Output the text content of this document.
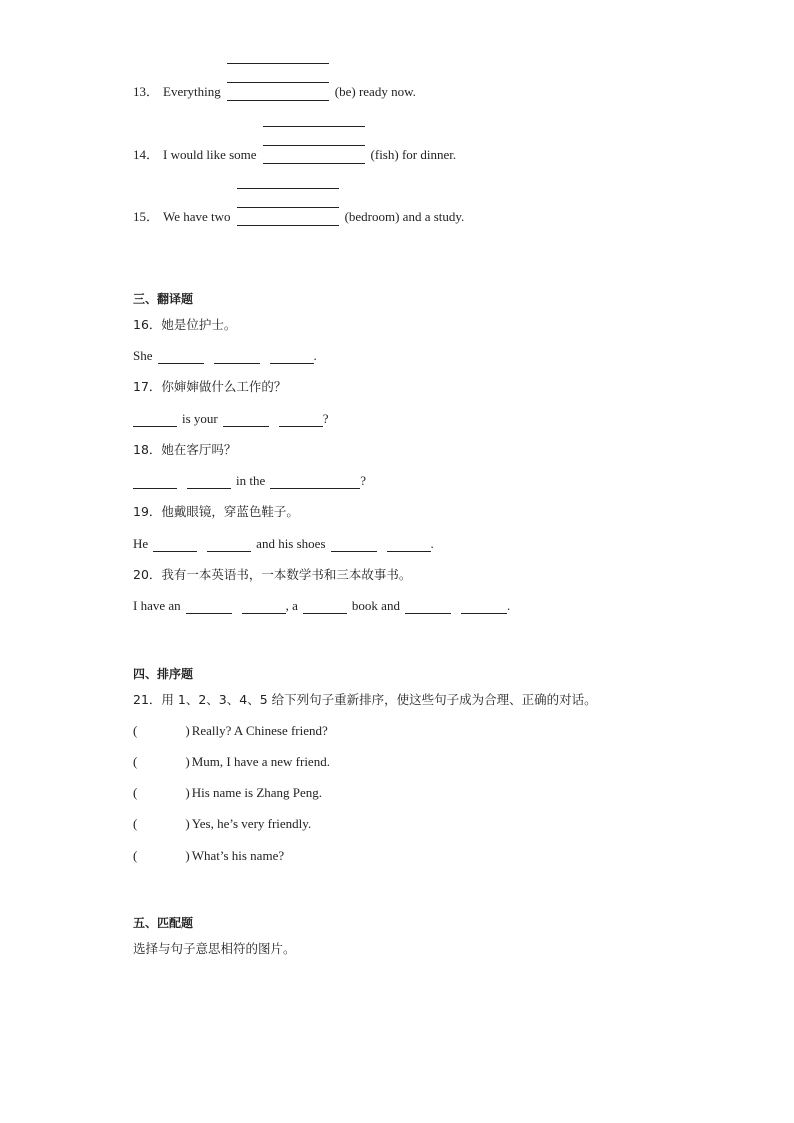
13． Everything	(be) ready now.
14． I would like some	(fish) for dinner.
15． We have two	(bedroom) and a study.
三、翻译题
16．她是位护士。
She	.
17．你婶婶做什么工作的？
is your	?
18．她在客厅吗？
in the	?
19．他戴眼镜，穿蓝色鞋子。
He	and his shoes	.
20．我有一本英语书，一本数学书和三本故事书。
I have an	, a	book and	.
四、排序题
21．用 1、2、3、4、5 给下列句子重新排序，使这些句子成为合理、正确的对话。
(	) Really? A Chinese friend?
(	) Mum, I have a new friend.
(	) His name is Zhang Peng.
(	) Yes, he’s very friendly.
(	) What’s his name?
五、匹配题
选择与句子意思相符的图片。
